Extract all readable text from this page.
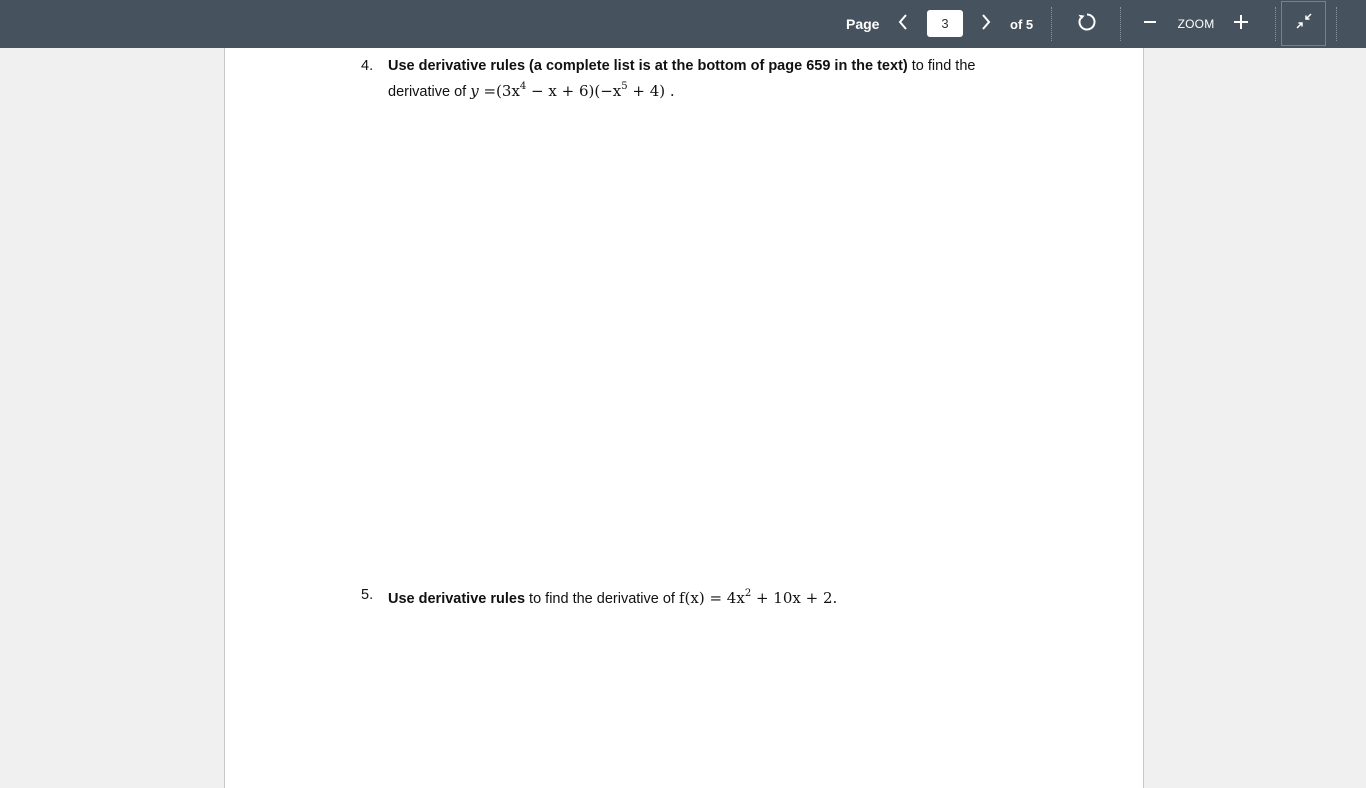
Page
3	of 5	ZOOM
4. Use derivative rules (a complete list is at the bottom of page 659 in the text) to find the
derivative of $y =(3x^4 - x + 6)(-x^5 + 4)$ .
5. Use derivative rules to find the derivative of $f(x) = 4x^2 + 10x + 2$.
